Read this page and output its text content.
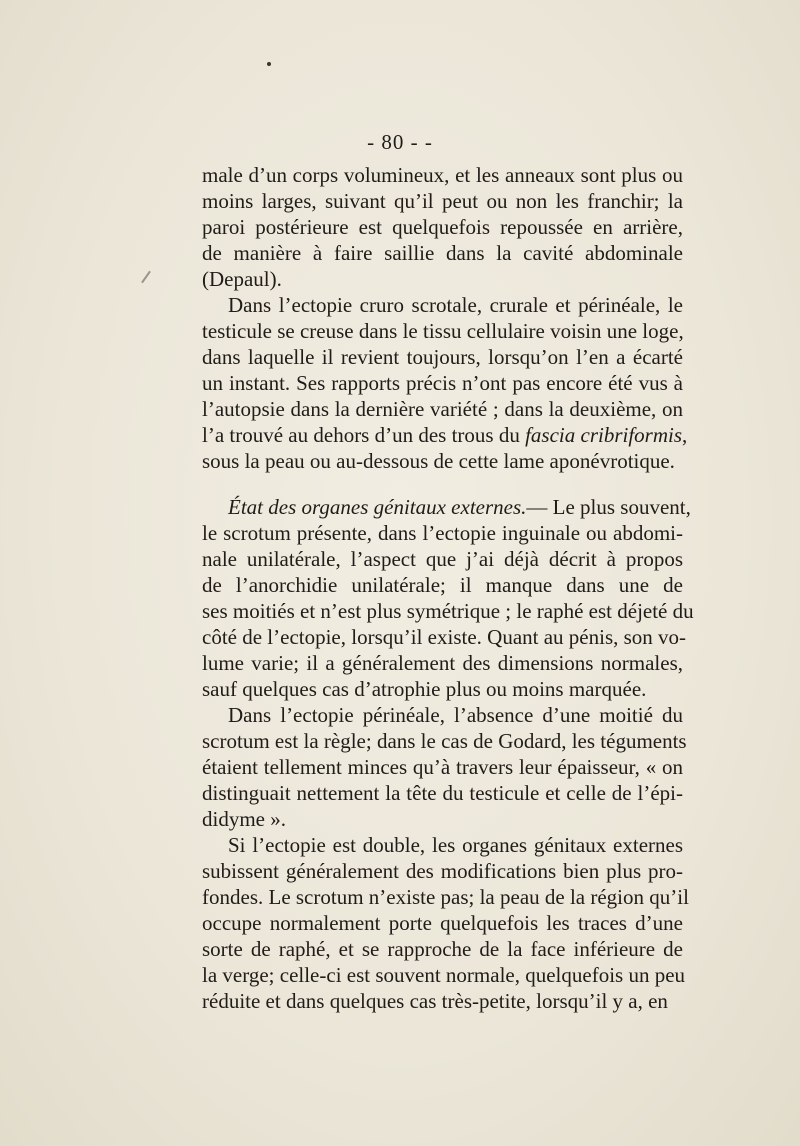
- 80 - -
male d’un corps volumineux, et les anneaux sont plus ou
moins larges, suivant qu’il peut ou non les franchir; la
paroi postérieure est quelquefois repoussée en arrière,
de manière à faire saillie dans la cavité abdominale
(Depaul).
Dans l’ectopie cruro scrotale, crurale et périnéale, le
testicule se creuse dans le tissu cellulaire voisin une loge,
dans laquelle il revient toujours, lorsqu’on l’en a écarté
un instant. Ses rapports précis n’ont pas encore été vus à
l’autopsie dans la dernière variété ; dans la deuxième, on
l’a trouvé au dehors d’un des trous du fascia cribriformis,
sous la peau ou au-dessous de cette lame aponévrotique.
État des organes génitaux externes.— Le plus souvent,
le scrotum présente, dans l’ectopie inguinale ou abdomi-
nale unilatérale, l’aspect que j’ai déjà décrit à propos
de l’anorchidie unilatérale; il manque dans une de
ses moitiés et n’est plus symétrique ; le raphé est déjeté du
côté de l’ectopie, lorsqu’il existe. Quant au pénis, son vo-
lume varie; il a généralement des dimensions normales,
sauf quelques cas d’atrophie plus ou moins marquée.
Dans l’ectopie périnéale, l’absence d’une moitié du
scrotum est la règle; dans le cas de Godard, les téguments
étaient tellement minces qu’à travers leur épaisseur, « on
distinguait nettement la tête du testicule et celle de l’épi-
didyme ».
Si l’ectopie est double, les organes génitaux externes
subissent généralement des modifications bien plus pro-
fondes. Le scrotum n’existe pas; la peau de la région qu’il
occupe normalement porte quelquefois les traces d’une
sorte de raphé, et se rapproche de la face inférieure de
la verge; celle-ci est souvent normale, quelquefois un peu
réduite et dans quelques cas très-petite, lorsqu’il y a, en
